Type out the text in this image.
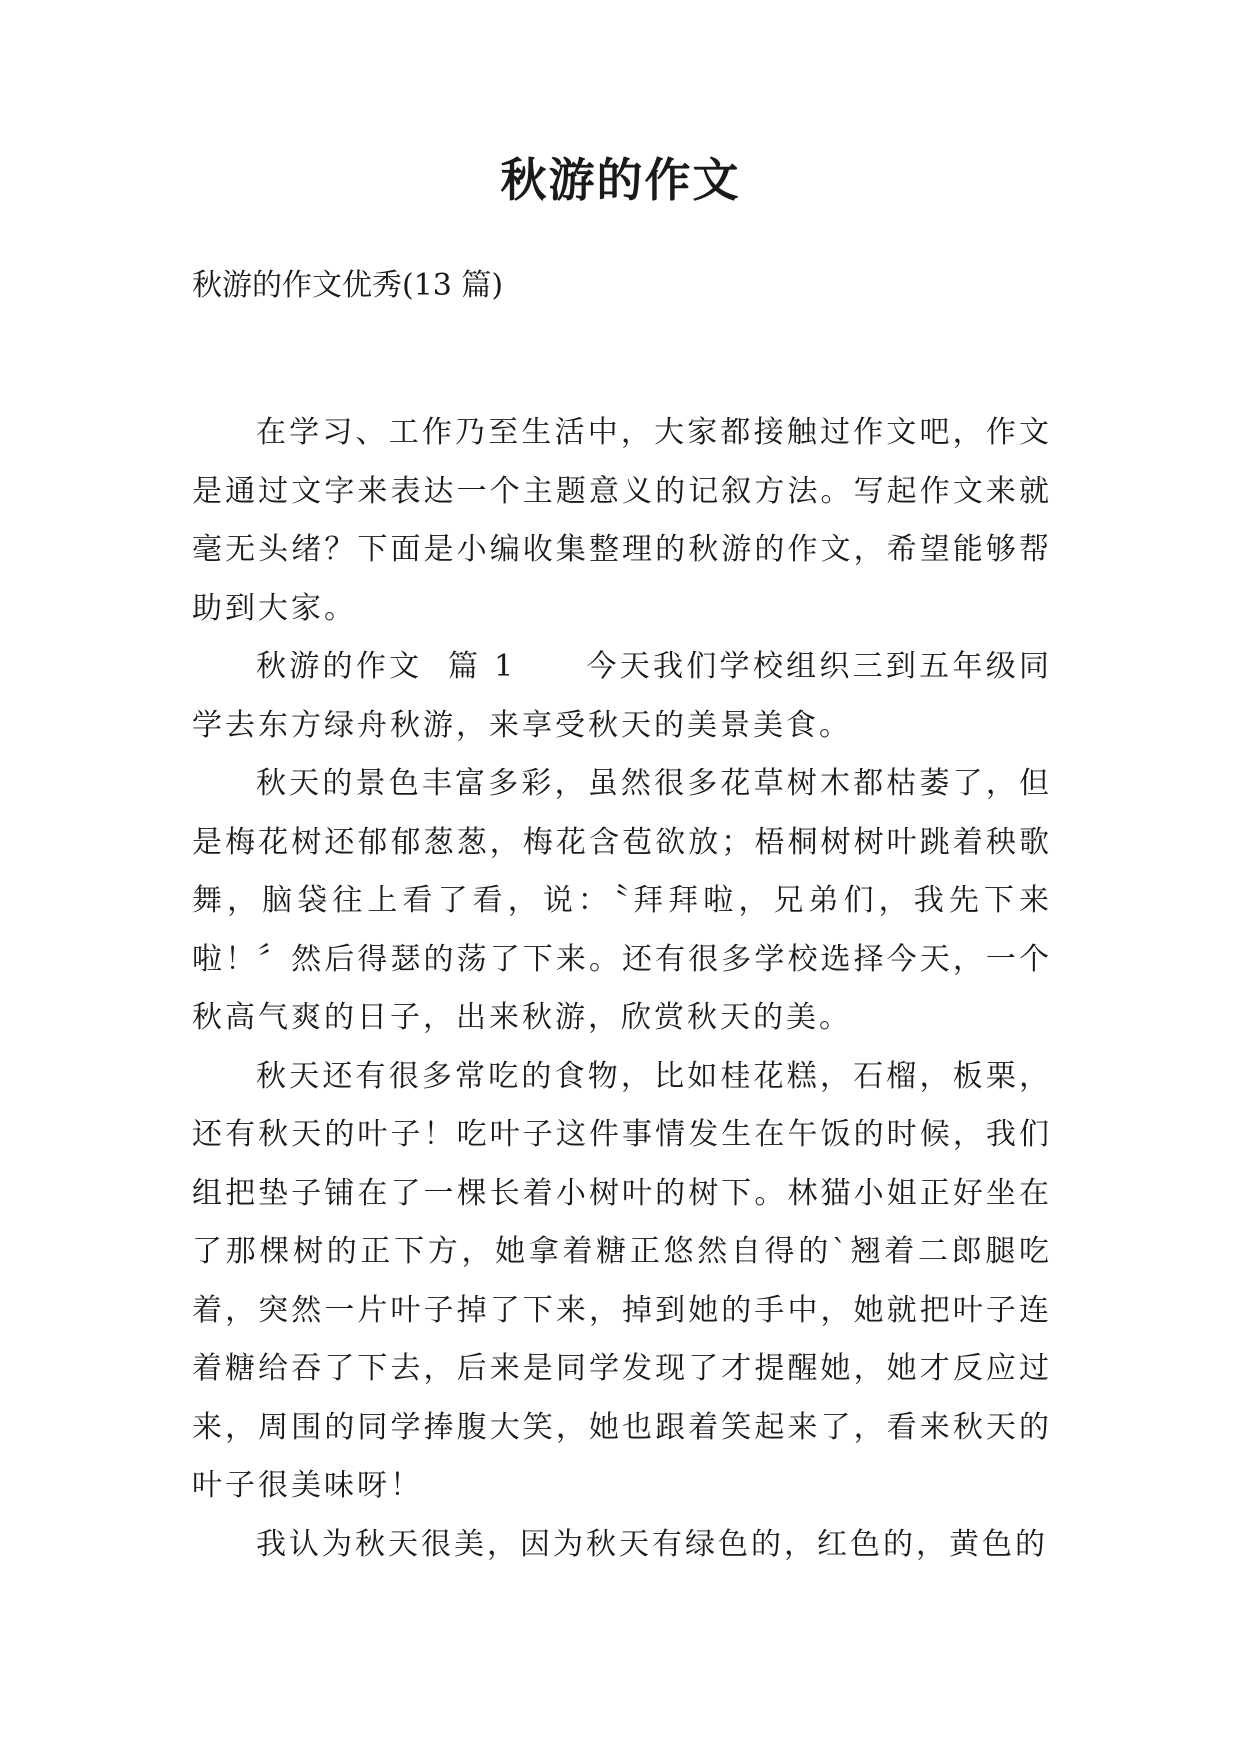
秋游的作文

秋游的作文优秀(13 篇)

在学习、工作乃至生活中，大家都接触过作文吧，作文是通过文字来表达一个主题意义的记叙方法。写起作文来就毫无头绪？下面是小编收集整理的秋游的作文，希望能够帮助到大家。

秋游的作文  篇 1 今天我们学校组织三到五年级同学去东方绿舟秋游，来享受秋天的美景美食。

秋天的景色丰富多彩，虽然很多花草树木都枯萎了，但是梅花树还郁郁葱葱，梅花含苞欲放；梧桐树树叶跳着秧歌舞，脑袋往上看了看，说：〝拜拜啦，兄弟们，我先下来啦！〞然后得瑟的荡了下来。还有很多学校选择今天，一个秋高气爽的日子，出来秋游，欣赏秋天的美。

秋天还有很多常吃的食物，比如桂花糕，石榴，板栗，还有秋天的叶子！吃叶子这件事情发生在午饭的时候，我们组把垫子铺在了一棵长着小树叶的树下。林猫小姐正好坐在了那棵树的正下方，她拿着糖正悠然自得的`翘着二郎腿吃着，突然一片叶子掉了下来，掉到她的手中，她就把叶子连着糖给吞了下去，后来是同学发现了才提醒她，她才反应过来，周围的同学捧腹大笑，她也跟着笑起来了，看来秋天的叶子很美味呀！

我认为秋天很美，因为秋天有绿色的，红色的，黄色的
